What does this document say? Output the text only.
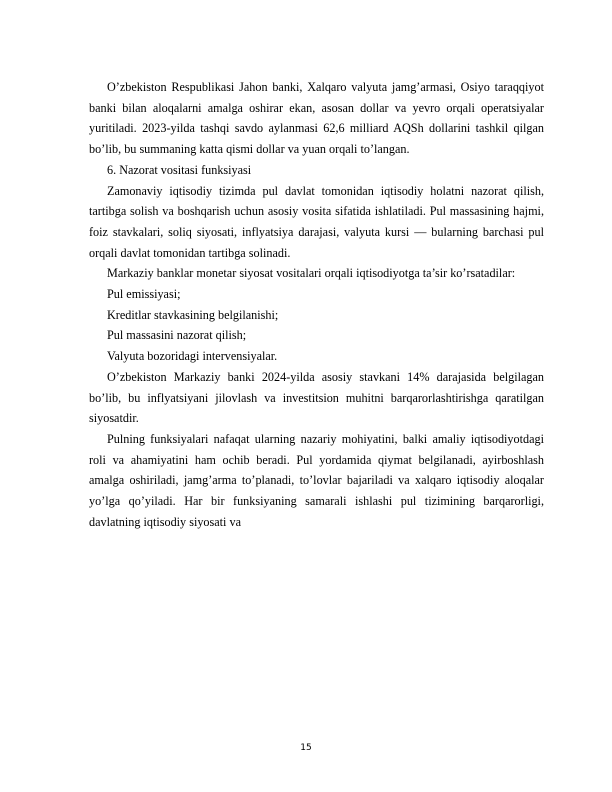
O’zbekiston Respublikasi Jahon banki, Xalqaro valyuta jamg’armasi, Osiyo taraqqiyot banki bilan aloqalarni amalga oshirar ekan, asosan dollar va yevro orqali operatsiyalar yuritiladi. 2023-yilda tashqi savdo aylanmasi 62,6 milliard AQSh dollarini tashkil qilgan bo’lib, bu summaning katta qismi dollar va yuan orqali to’langan.

6. Nazorat vositasi funksiyasi

Zamonaviy iqtisodiy tizimda pul davlat tomonidan iqtisodiy holatni nazorat qilish, tartibga solish va boshqarish uchun asosiy vosita sifatida ishlatiladi. Pul massasining hajmi, foiz stavkalari, soliq siyosati, inflyatsiya darajasi, valyuta kursi — bularning barchasi pul orqali davlat tomonidan tartibga solinadi.

Markaziy banklar monetar siyosat vositalari orqali iqtisodiyotga ta’sir ko’rsatadilar:

Pul emissiyasi;

Kreditlar stavkasining belgilanishi;

Pul massasini nazorat qilish;

Valyuta bozoridagi intervensiyalar.

O’zbekiston Markaziy banki 2024-yilda asosiy stavkani 14% darajasida belgilagan bo’lib, bu inflyatsiyani jilovlash va investitsion muhitni barqarorlashtirishga qaratilgan siyosatdir.

Pulning funksiyalari nafaqat ularning nazariy mohiyatini, balki amaliy iqtisodiyotdagi roli va ahamiyatini ham ochib beradi. Pul yordamida qiymat belgilanadi, ayirboshlash amalga oshiriladi, jamg’arma to’planadi, to’lovlar bajariladi va xalqaro iqtisodiy aloqalar yo’lga qo’yiladi. Har bir funksiyaning samarali ishlashi pul tizimining barqarorligi, davlatning iqtisodiy siyosati va

15
